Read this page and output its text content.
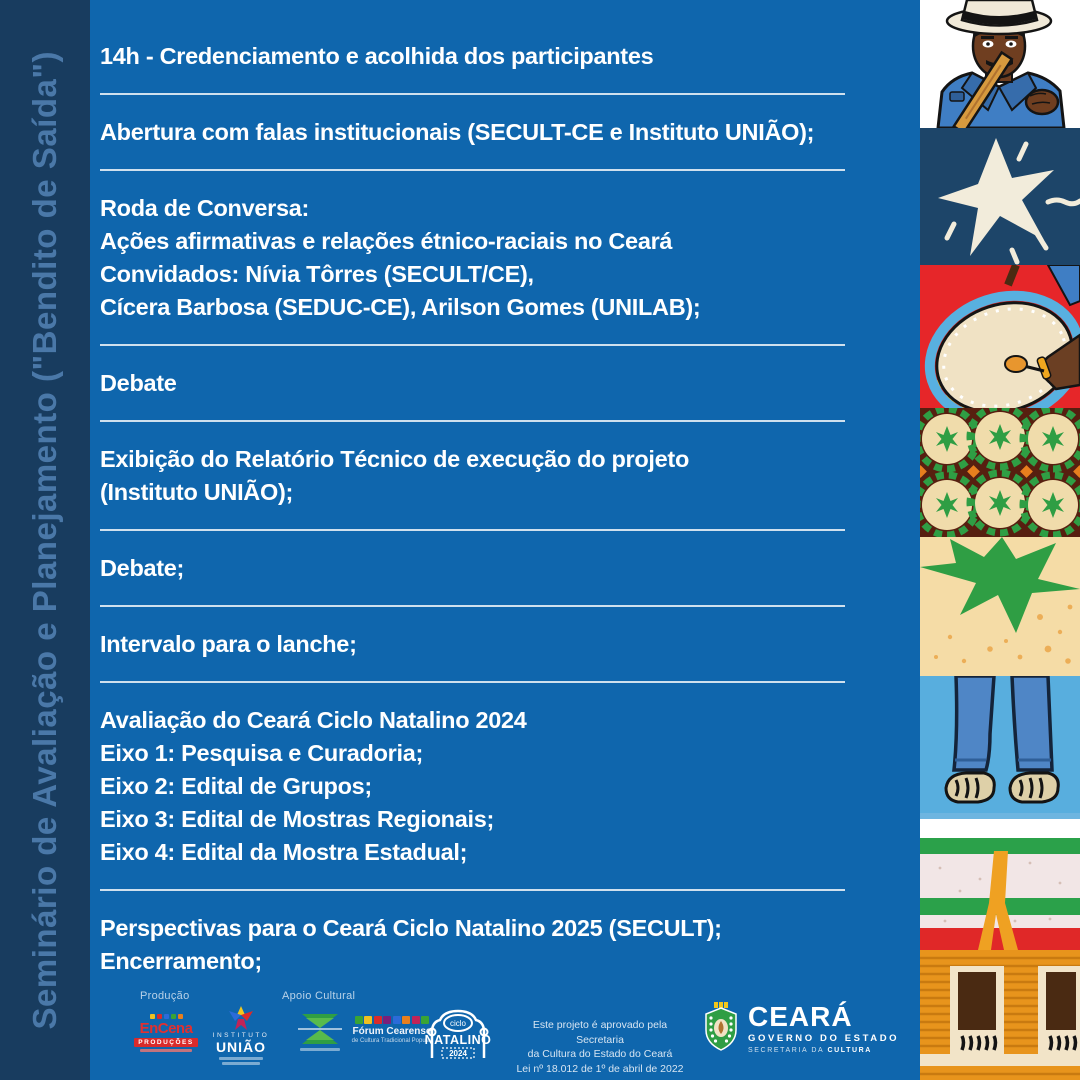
Seminário de Avaliação e Planejamento ("Bendito de Saída") 14h - Credenciamento e acolhida dos participantes
Abertura com falas institucionais (SECULT-CE e Instituto UNIÃO);
Roda de Conversa:
Ações afirmativas e relações étnico-raciais no Ceará
Convidados: Nívia Tôrres (SECULT/CE),
Cícera Barbosa (SEDUC-CE), Arilson Gomes (UNILAB);
Debate
Exibição do Relatório Técnico de execução do projeto
(Instituto UNIÃO);
Debate;
Intervalo para o lanche;
Avaliação do Ceará Ciclo Natalino 2024
Eixo 1: Pesquisa e Curadoria;
Eixo 2: Edital de Grupos;
Eixo 3: Edital de Mostras Regionais;
Eixo 4: Edital da Mostra Estadual;
Perspectivas para o Ceará Ciclo Natalino 2025 (SECULT);
Encerramento;
Produção	Apoio Cultural
EnCena
PRODUÇÕES
INSTITUTO
UNIÃO
Fórum Cearense
de Cultura Tradicional Popular
ciclo
NATALINO
2024
Este projeto é aprovado pela Secretaria
da Cultura do Estado do Ceará
Lei nº 18.012 de 1º de abril de 2022
CEARÁ
GOVERNO DO ESTADO
SECRETARIA DA CULTURA
